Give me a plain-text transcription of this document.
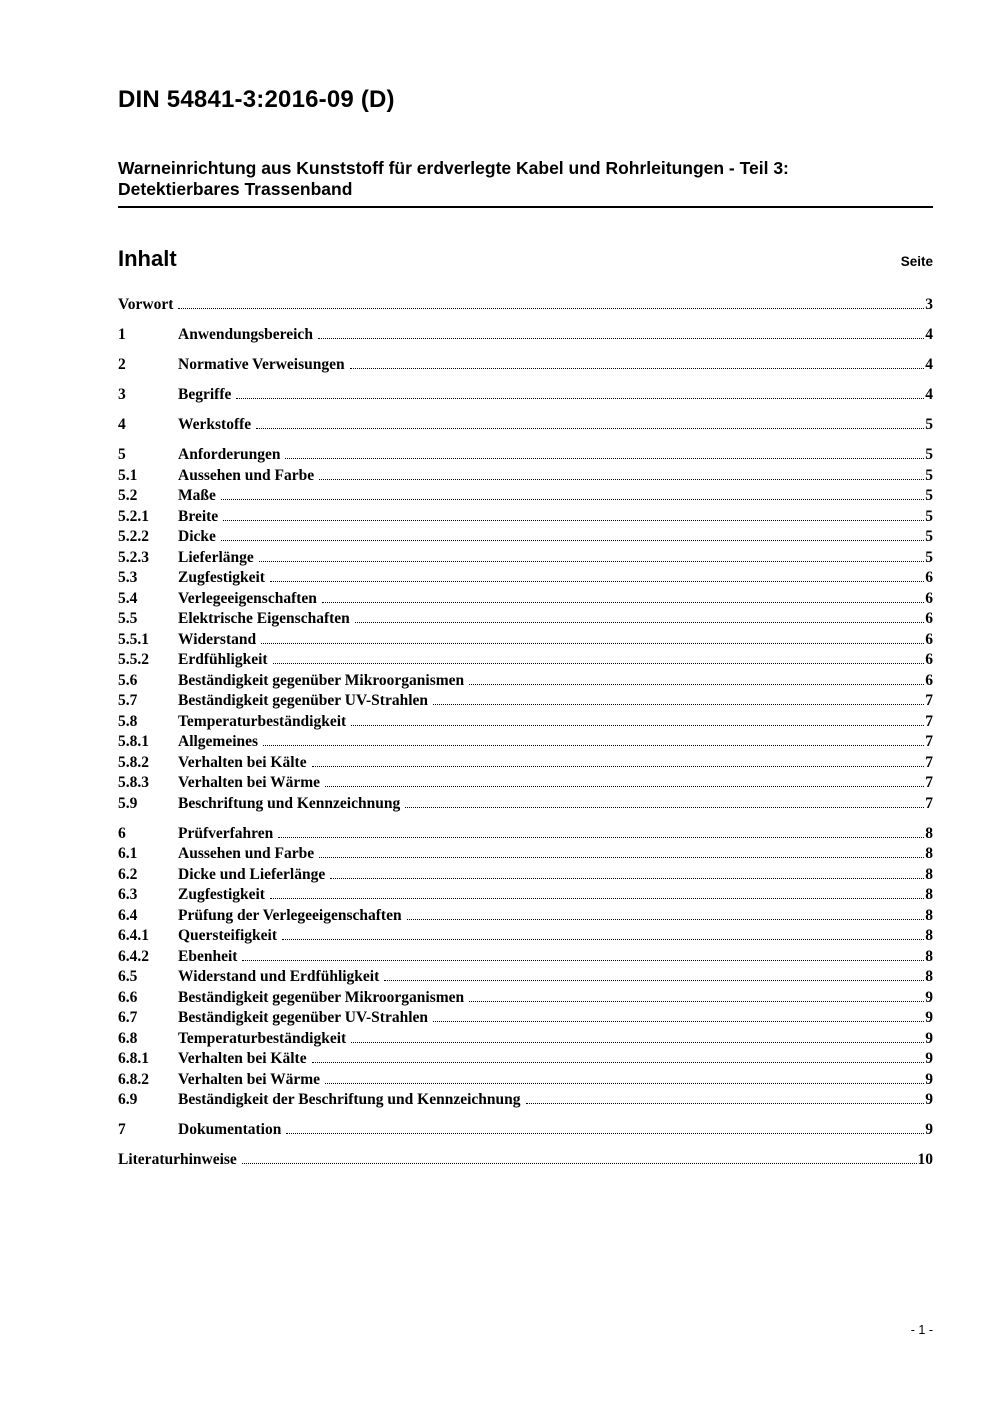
DIN 54841-3:2016-09 (D)
Warneinrichtung aus Kunststoff für erdverlegte Kabel und Rohrleitungen - Teil 3:
Detektierbares Trassenband
Inhalt	Seite
Vorwort	3
1	Anwendungsbereich	4
2	Normative Verweisungen	4
3	Begriffe	4
4	Werkstoffe	5
5	Anforderungen	5
5.1	Aussehen und Farbe	5
5.2	Maße	5
5.2.1	Breite	5
5.2.2	Dicke	5
5.2.3	Lieferlänge	5
5.3	Zugfestigkeit	6
5.4	Verlegeeigenschaften	6
5.5	Elektrische Eigenschaften	6
5.5.1	Widerstand	6
5.5.2	Erdfühligkeit	6
5.6	Beständigkeit gegenüber Mikroorganismen	6
5.7	Beständigkeit gegenüber UV-Strahlen	7
5.8	Temperaturbeständigkeit	7
5.8.1	Allgemeines	7
5.8.2	Verhalten bei Kälte	7
5.8.3	Verhalten bei Wärme	7
5.9	Beschriftung und Kennzeichnung	7
6	Prüfverfahren	8
6.1	Aussehen und Farbe	8
6.2	Dicke und Lieferlänge	8
6.3	Zugfestigkeit	8
6.4	Prüfung der Verlegeeigenschaften	8
6.4.1	Quersteifigkeit	8
6.4.2	Ebenheit	8
6.5	Widerstand und Erdfühligkeit	8
6.6	Beständigkeit gegenüber Mikroorganismen	9
6.7	Beständigkeit gegenüber UV-Strahlen	9
6.8	Temperaturbeständigkeit	9
6.8.1	Verhalten bei Kälte	9
6.8.2	Verhalten bei Wärme	9
6.9	Beständigkeit der Beschriftung und Kennzeichnung	9
7	Dokumentation	9
Literaturhinweise	10
- 1 -
